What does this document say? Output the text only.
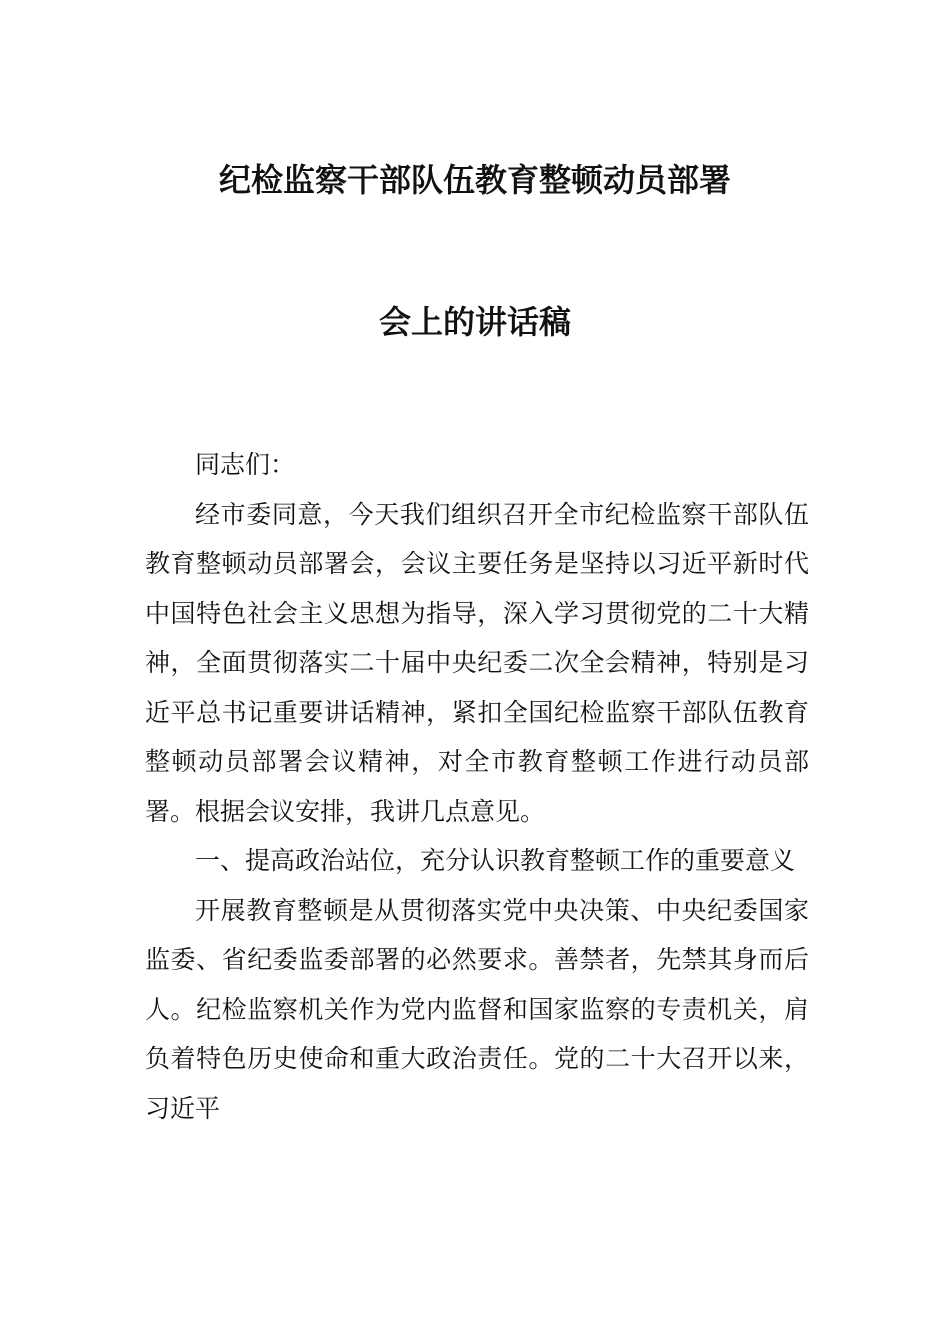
纪检监察干部队伍教育整顿动员部署
会上的讲话稿

同志们：

经市委同意，今天我们组织召开全市纪检监察干部队伍教育整顿动员部署会，会议主要任务是坚持以习近平新时代中国特色社会主义思想为指导，深入学习贯彻党的二十大精神，全面贯彻落实二十届中央纪委二次全会精神，特别是习近平总书记重要讲话精神，紧扣全国纪检监察干部队伍教育整顿动员部署会议精神，对全市教育整顿工作进行动员部署。根据会议安排，我讲几点意见。

一、提高政治站位，充分认识教育整顿工作的重要意义

开展教育整顿是从贯彻落实党中央决策、中央纪委国家监委、省纪委监委部署的必然要求。善禁者，先禁其身而后人。纪检监察机关作为党内监督和国家监察的专责机关，肩负着特色历史使命和重大政治责任。党的二十大召开以来，习近平
